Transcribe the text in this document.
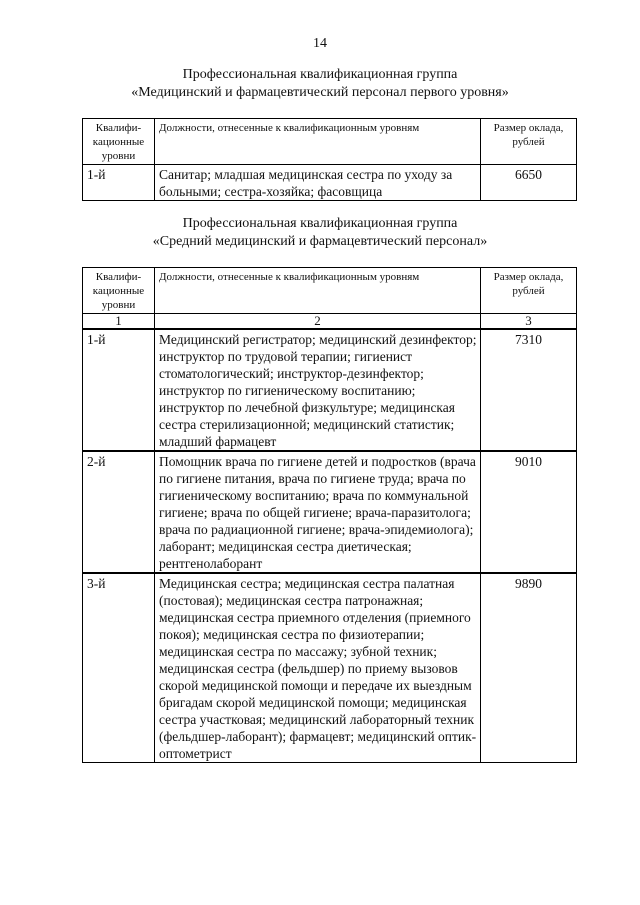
14
Профессиональная квалификационная группа
«Медицинский и фармацевтический персонал первого уровня»
Квалифи-кационные уровни	Должности, отнесенные к квалификационным уровням	Размер оклада, рублей
1-й	Санитар; младшая медицинская сестра по уходу за больными; сестра-хозяйка; фасовщица	6650
Профессиональная квалификационная группа
«Средний медицинский и фармацевтический персонал»
Квалифи-кационные уровни	Должности, отнесенные к квалификационным уровням	Размер оклада, рублей
1	2	3
1-й	Медицинский регистратор; медицинский дезинфектор; инструктор по трудовой терапии; гигиенист стоматологический; инструктор-дезинфектор; инструктор по гигиеническому воспитанию; инструктор по лечебной физкультуре; медицинская сестра стерилизационной; медицинский статистик; младший фармацевт	7310
2-й	Помощник врача по гигиене детей и подростков (врача по гигиене питания, врача по гигиене труда; врача по гигиеническому воспитанию; врача по коммунальной гигиене; врача по общей гигиене; врача-паразитолога; врача по радиационной гигиене; врача-эпидемиолога); лаборант; медицинская сестра диетическая; рентгенолаборант	9010
3-й	Медицинская сестра; медицинская сестра палатная (постовая); медицинская сестра патронажная; медицинская сестра приемного отделения (приемного покоя); медицинская сестра по физиотерапии; медицинская сестра по массажу; зубной техник; медицинская сестра (фельдшер) по приему вызовов скорой медицинской помощи и передаче их выездным бригадам скорой медицинской помощи; медицинская сестра участковая; медицинский лабораторный техник (фельдшер-лаборант); фармацевт; медицинский оптик-оптометрист	9890
